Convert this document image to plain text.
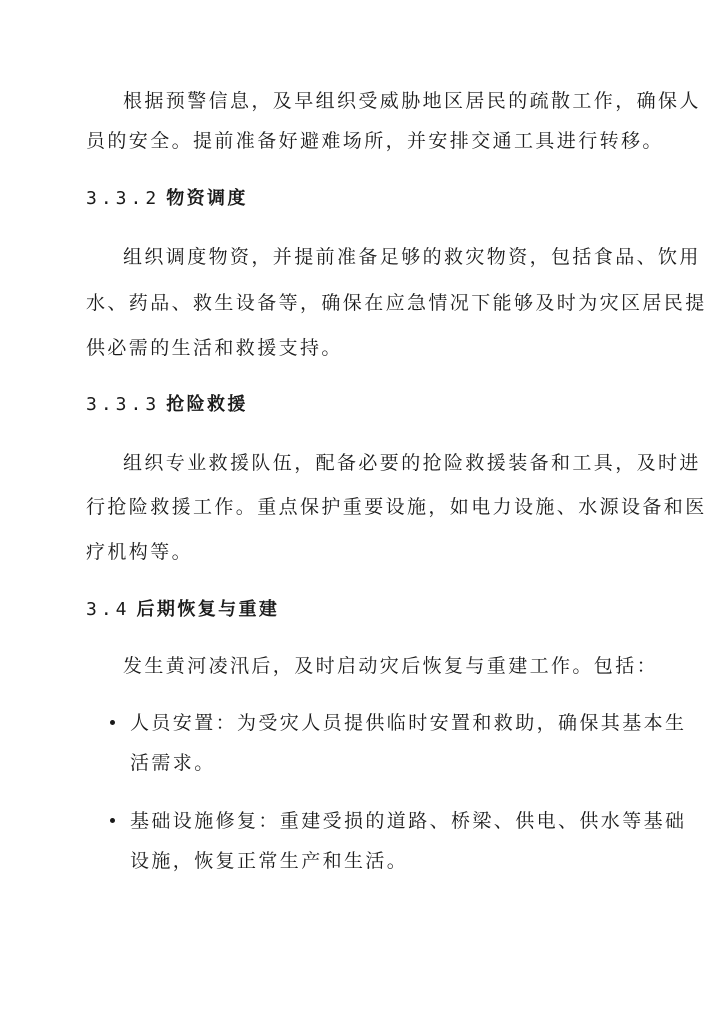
根据预警信息，及早组织受威胁地区居民的疏散工作，确保人
员的安全。提前准备好避难场所，并安排交通工具进行转移。
3.3.2 物资调度
组织调度物资，并提前准备足够的救灾物资，包括食品、饮用
水、药品、救生设备等，确保在应急情况下能够及时为灾区居民提
供必需的生活和救援支持。
3.3.3 抢险救援
组织专业救援队伍，配备必要的抢险救援装备和工具，及时进
行抢险救援工作。重点保护重要设施，如电力设施、水源设备和医
疗机构等。
3.4 后期恢复与重建
发生黄河凌汛后，及时启动灾后恢复与重建工作。包括：
人员安置：为受灾人员提供临时安置和救助，确保其基本生
活需求。
基础设施修复：重建受损的道路、桥梁、供电、供水等基础
设施，恢复正常生产和生活。
